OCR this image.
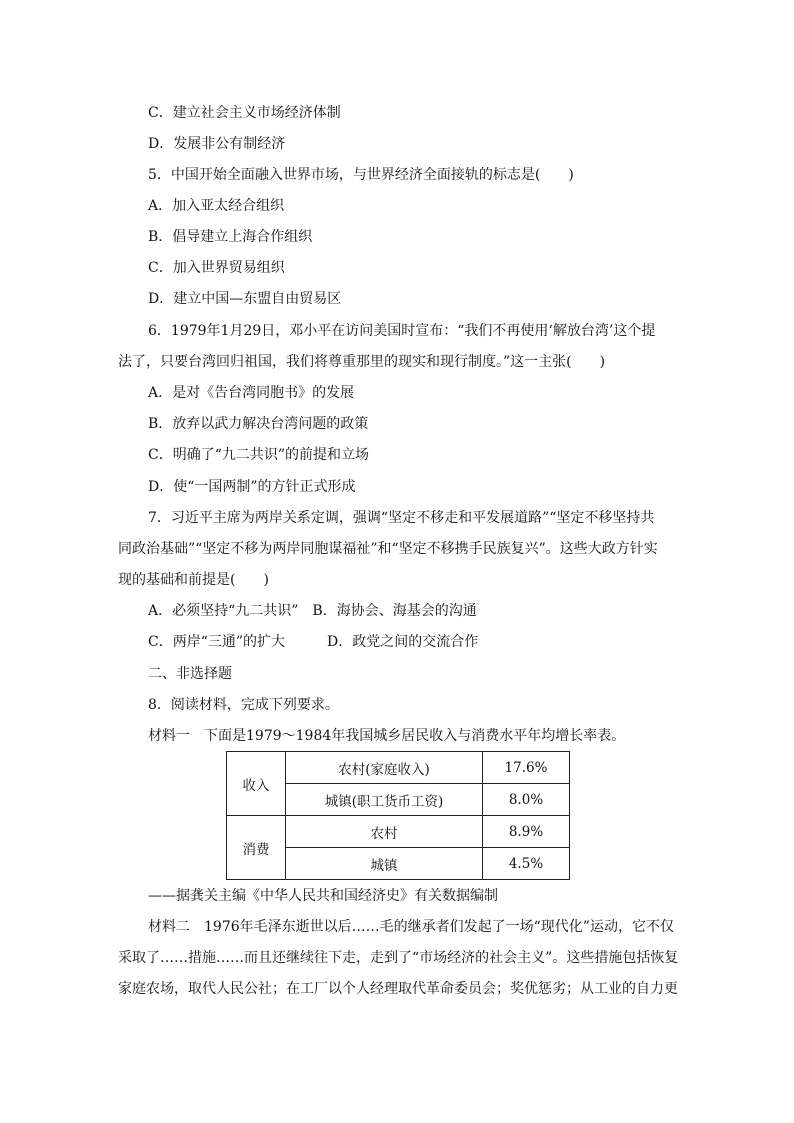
C．建立社会主义市场经济体制
D．发展非公有制经济
5．中国开始全面融入世界市场，与世界经济全面接轨的标志是(　　)
A．加入亚太经合组织
B．倡导建立上海合作组织
C．加入世界贸易组织
D．建立中国—东盟自由贸易区
6．1979年1月29日，邓小平在访问美国时宣布：“我们不再使用‘解放台湾’这个提
法了，只要台湾回归祖国，我们将尊重那里的现实和现行制度。”这一主张(　　)
A．是对《告台湾同胞书》的发展
B．放弃以武力解决台湾问题的政策
C．明确了“九二共识”的前提和立场
D．使“一国两制”的方针正式形成
7．习近平主席为两岸关系定调，强调“坚定不移走和平发展道路”“坚定不移坚持共
同政治基础”“坚定不移为两岸同胞谋福祉”和“坚定不移携手民族复兴”。这些大政方针实
现的基础和前提是(　　)
A．必须坚持“九二共识”　B．海协会、海基会的沟通
C．两岸“三通”的扩大　　　D．政党之间的交流合作
二、非选择题
8．阅读材料，完成下列要求。
材料一　下面是1979～1984年我国城乡居民收入与消费水平年均增长率表。
收入	农村(家庭收入)	17.6%
	城镇(职工货币工资)	8.0%
消费	农村	8.9%
	城镇	4.5%
——据龚关主编《中华人民共和国经济史》有关数据编制
材料二　1976年毛泽东逝世以后……毛的继承者们发起了一场“现代化”运动，它不仅
采取了……措施……而且还继续往下走，走到了“市场经济的社会主义”。这些措施包括恢复
家庭农场，取代人民公社；在工厂以个人经理取代革命委员会；奖优惩劣；从工业的自力更
